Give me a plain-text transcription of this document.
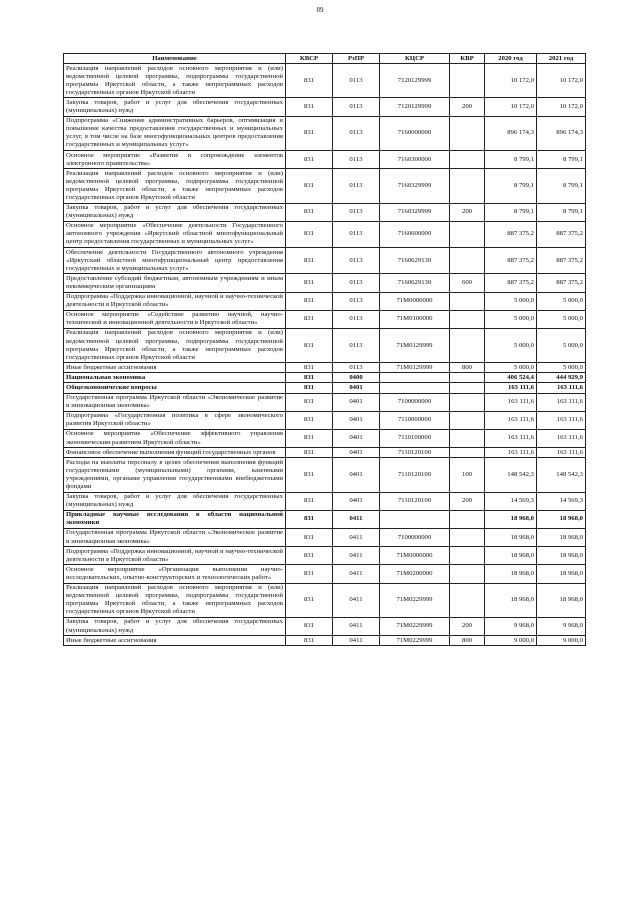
89
Наименование	КВСР	РзПР	КЦСР	КВР	2020 год	2021 год
Реализация направлений расходов основного мероприятия и (или) ведомственной целевой программы, подпрограммы государственной программы Иркутской области, а также непрограммных расходов государственных органов Иркутской области	831	0113	7120129999		10 172,0	10 172,0
Закупка товаров, работ и услуг для обеспечения государственных (муниципальных) нужд	831	0113	7120129999	200	10 172,0	10 172,0
Подпрограмма «Снижение административных барьеров, оптимизация и повышение качества предоставления государственных и муниципальных услуг, в том числе на базе многофункциональных центров предоставления государственных и муниципальных услуг»	831	0113	7160000000		896 174,3	896 174,3
Основное мероприятие «Развитие и сопровождение элементов электронного правительства»	831	0113	7160300000		8 799,1	8 799,1
Реализация направлений расходов основного мероприятия и (или) ведомственной целевой программы, подпрограммы государственной программы Иркутской области, а также непрограммных расходов государственных органов Иркутской области	831	0113	7160329999		8 799,1	8 799,1
Закупка товаров, работ и услуг для обеспечения государственных (муниципальных) нужд	831	0113	7160329999	200	8 799,1	8 799,1
Основное мероприятие «Обеспечение деятельности Государственного автономного учреждения «Иркутский областной многофункциональный центр предоставления государственных и муниципальных услуг»	831	0113	7160600000		887 375,2	887 375,2
Обеспечение деятельности Государственного автономного учреждения «Иркутский областной многофункциональный центр предоставления государственных и муниципальных услуг»	831	0113	7160629130		887 375,2	887 375,2
Предоставление субсидий бюджетным, автономным учреждениям и иным некоммерческим организациям	831	0113	7160629130	600	887 375,2	887 375,2
Подпрограмма «Поддержка инновационной, научной и научно-технической деятельности в Иркутской области»	831	0113	71М0000000		5 000,0	5 000,0
Основное мероприятие «Содействие развитию научной, научно-технической и инновационной деятельности в Иркутской области»	831	0113	71М0100000		5 000,0	5 000,0
Реализация направлений расходов основного мероприятия и (или) ведомственной целевой программы, подпрограммы государственной программы Иркутской области, а также непрограммных расходов государственных органов Иркутской области	831	0113	71М0129999		5 000,0	5 000,0
Иные бюджетные ассигнования	831	0113	71М0129999	800	5 000,0	5 000,0
Национальная экономика	831	0400			406 524,4	444 929,9
Общеэкономические вопросы	831	0401			163 111,6	163 111,6
Государственная программа Иркутской области «Экономическое развитие и инновационная экономика»	831	0401	7100000000		163 111,6	163 111,6
Подпрограмма «Государственная политика в сфере экономического развития Иркутской области»	831	0401	7110000000		163 111,6	163 111,6
Основное мероприятие «Обеспечение эффективного управления экономическим развитием Иркутской области»	831	0401	7110100000		163 111,6	163 111,6
Финансовое обеспечение выполнения функций государственных органов	831	0401	7110120100		163 111,6	163 111,6
Расходы на выплаты персоналу в целях обеспечения выполнения функций государственными (муниципальными) органами, казенными учреждениями, органами управления государственными внебюджетными фондами	831	0401	7110120100	100	148 542,3	148 542,3
Закупка товаров, работ и услуг для обеспечения государственных (муниципальных) нужд	831	0401	7110120100	200	14 569,3	14 569,3
Прикладные научные исследования в области национальной экономики	831	0411			18 968,0	18 968,0
Государственная программа Иркутской области «Экономическое развитие и инновационная экономика»	831	0411	7100000000		18 968,0	18 968,0
Подпрограмма «Поддержка инновационной, научной и научно-технической деятельности в Иркутской области»	831	0411	71М0000000		18 968,0	18 968,0
Основное мероприятие «Организация выполнения научно-исследовательских, опытно-конструкторских и технологических работ»	831	0411	71М0200000		18 968,0	18 968,0
Реализация направлений расходов основного мероприятия и (или) ведомственной целевой программы, подпрограммы государственной программы Иркутской области, а также непрограммных расходов государственных органов Иркутской области	831	0411	71М0229999		18 968,0	18 968,0
Закупка товаров, работ и услуг для обеспечения государственных (муниципальных) нужд	831	0411	71М0229999	200	9 968,0	9 968,0
Иные бюджетные ассигнования	831	0411	71М0229999	800	9 000,0	9 000,0
